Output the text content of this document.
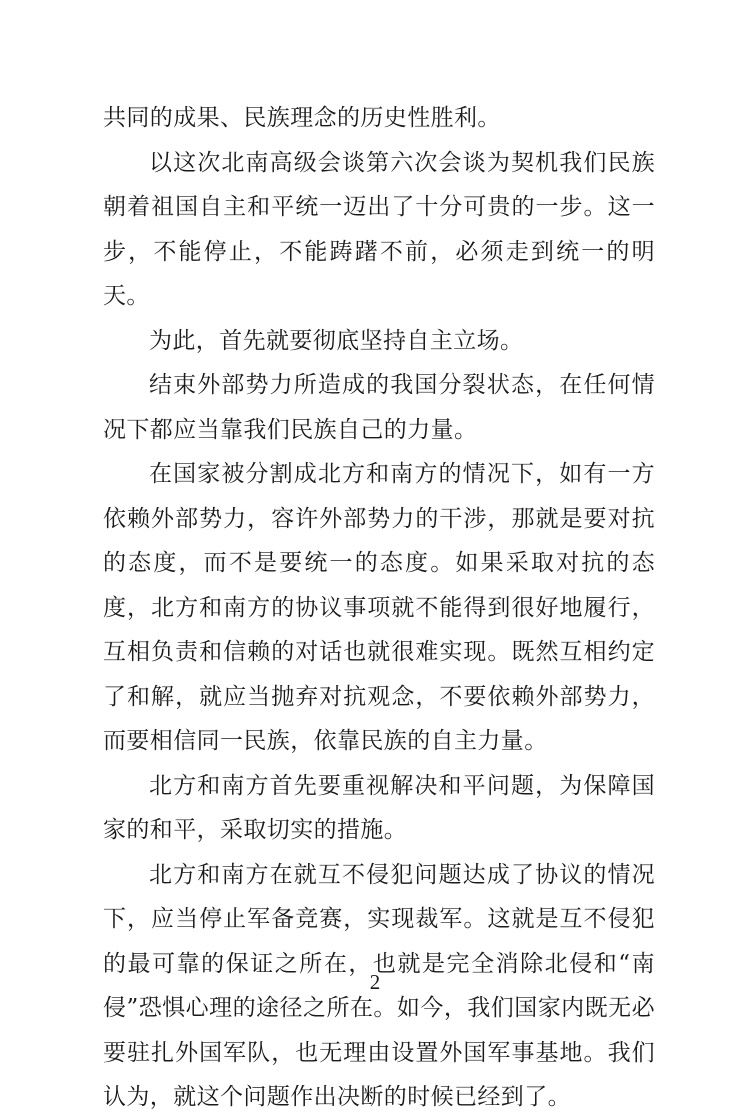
共同的成果、民族理念的历史性胜利。

以这次北南高级会谈第六次会谈为契机我们民族朝着祖国自主和平统一迈出了十分可贵的一步。这一步，不能停止，不能踌躇不前，必须走到统一的明天。

为此，首先就要彻底坚持自主立场。

结束外部势力所造成的我国分裂状态，在任何情况下都应当靠我们民族自己的力量。

在国家被分割成北方和南方的情况下，如有一方依赖外部势力，容许外部势力的干涉，那就是要对抗的态度，而不是要统一的态度。如果采取对抗的态度，北方和南方的协议事项就不能得到很好地履行，互相负责和信赖的对话也就很难实现。既然互相约定了和解，就应当抛弃对抗观念，不要依赖外部势力，而要相信同一民族，依靠民族的自主力量。

北方和南方首先要重视解决和平问题，为保障国家的和平，采取切实的措施。

北方和南方在就互不侵犯问题达成了协议的情况下，应当停止军备竞赛，实现裁军。这就是互不侵犯的最可靠的保证之所在，也就是完全消除北侵和“南侵”恐惧心理的途径之所在。如今，我们国家内既无必要驻扎外国军队，也无理由设置外国军事基地。我们认为，就这个问题作出决断的时候已经到了。

2
